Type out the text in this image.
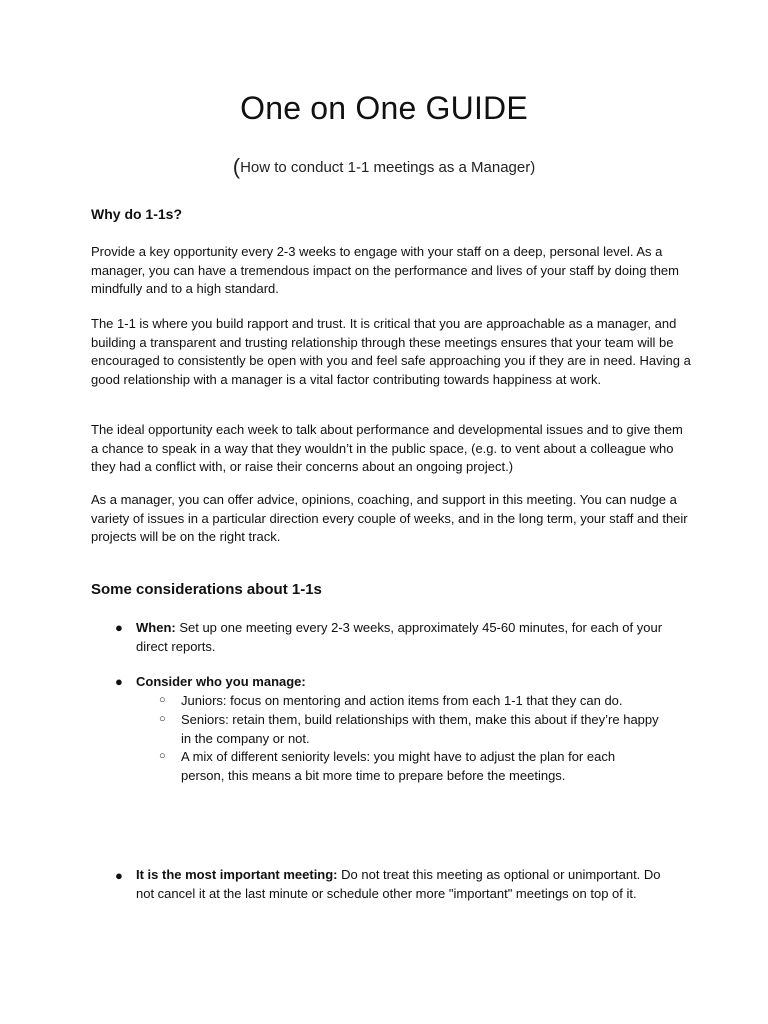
One on One GUIDE

(How to conduct 1-1 meetings as a Manager)

Why do 1-1s?

Provide a key opportunity every 2-3 weeks to engage with your staff on a deep, personal level. As a manager, you can have a tremendous impact on the performance and lives of your staff by doing them mindfully and to a high standard.

The 1-1 is where you build rapport and trust. It is critical that you are approachable as a manager, and building a transparent and trusting relationship through these meetings ensures that your team will be encouraged to consistently be open with you and feel safe approaching you if they are in need. Having a good relationship with a manager is a vital factor contributing towards happiness at work.

The ideal opportunity each week to talk about performance and developmental issues and to give them a chance to speak in a way that they wouldn’t in the public space, (e.g. to vent about a colleague who they had a conflict with, or raise their concerns about an ongoing project.)

As a manager, you can offer advice, opinions, coaching, and support in this meeting. You can nudge a variety of issues in a particular direction every couple of weeks, and in the long term, your staff and their projects will be on the right track.

Some considerations about 1-1s
● When: Set up one meeting every 2-3 weeks, approximately 45-60 minutes, for each of your direct reports.

● Consider who you manage:

○ Juniors: focus on mentoring and action items from each 1-1 that they can do.

○ Seniors: retain them, build relationships with them, make this about if they’re happy in the company or not.

○ A mix of different seniority levels: you might have to adjust the plan for each person, this means a bit more time to prepare before the meetings.

● It is the most important meeting: Do not treat this meeting as optional or unimportant. Do not cancel it at the last minute or schedule other more "important" meetings on top of it.
